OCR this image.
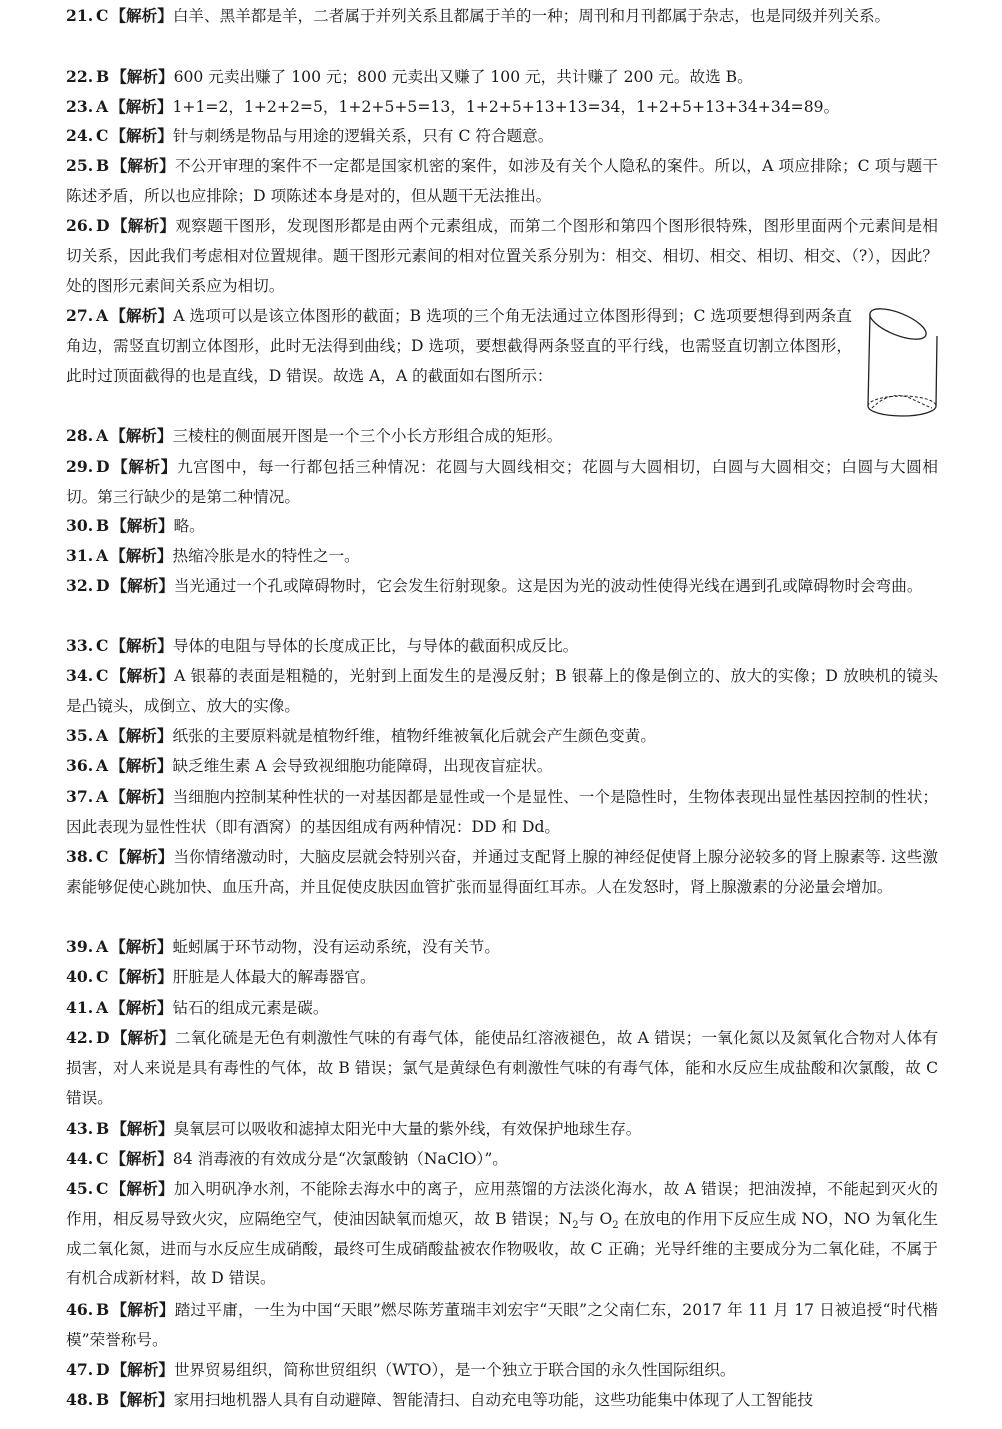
21. C 【解析】白羊、黑羊都是羊，二者属于并列关系且都属于羊的一种；周刊和月刊都属于杂志，也是同级并列关系。
22. B 【解析】600 元卖出赚了 100 元；800 元卖出又赚了 100 元，共计赚了 200 元。故选 B。
23. A 【解析】1+1=2，1+2+2=5，1+2+5+5=13，1+2+5+13+13=34，1+2+5+13+34+34=89。
24. C 【解析】针与刺绣是物品与用途的逻辑关系，只有 C 符合题意。
25. B 【解析】不公开审理的案件不一定都是国家机密的案件，如涉及有关个人隐私的案件。所以，A 项应排除；C 项与题干陈述矛盾，所以也应排除；D 项陈述本身是对的，但从题干无法推出。
26. D 【解析】观察题干图形，发现图形都是由两个元素组成，而第二个图形和第四个图形很特殊，图形里面两个元素间是相切关系，因此我们考虑相对位置规律。题干图形元素间的相对位置关系分别为：相交、相切、相交、相切、相交、（?），因此？处的图形元素间关系应为相切。
27. A 【解析】A 选项可以是该立体图形的截面；B 选项的三个角无法通过立体图形得到；C 选项要想得到两条直角边，需竖直切割立体图形，此时无法得到曲线；D 选项，要想截得两条竖直的平行线，也需竖直切割立体图形，此时过顶面截得的也是直线，D 错误。故选 A，A 的截面如右图所示：
28. A 【解析】三棱柱的侧面展开图是一个三个小长方形组合成的矩形。
29. D 【解析】九宫图中，每一行都包括三种情况：花圆与大圆线相交；花圆与大圆相切，白圆与大圆相交；白圆与大圆相切。第三行缺少的是第二种情况。
30. B 【解析】略。
31. A 【解析】热缩冷胀是水的特性之一。
32. D 【解析】当光通过一个孔或障碍物时，它会发生衍射现象。这是因为光的波动性使得光线在遇到孔或障碍物时会弯曲。
33. C 【解析】导体的电阻与导体的长度成正比，与导体的截面积成反比。
34. C 【解析】A 银幕的表面是粗糙的，光射到上面发生的是漫反射；B 银幕上的像是倒立的、放大的实像；D 放映机的镜头是凸镜头，成倒立、放大的实像。
35. A 【解析】纸张的主要原料就是植物纤维，植物纤维被氧化后就会产生颜色变黄。
36. A 【解析】缺乏维生素 A 会导致视细胞功能障碍，出现夜盲症状。
37. A 【解析】当细胞内控制某种性状的一对基因都是显性或一个是显性、一个是隐性时，生物体表现出显性基因控制的性状；因此表现为显性性状（即有酒窝）的基因组成有两种情况：DD 和 Dd。
38. C 【解析】当你情绪激动时，大脑皮层就会特别兴奋，并通过支配肾上腺的神经促使肾上腺分泌较多的肾上腺素等. 这些激素能够促使心跳加快、血压升高，并且促使皮肤因血管扩张而显得面红耳赤。人在发怒时，肾上腺激素的分泌量会增加。
39. A 【解析】蚯蚓属于环节动物，没有运动系统，没有关节。
40. C 【解析】肝脏是人体最大的解毒器官。
41. A 【解析】钻石的组成元素是碳。
42. D 【解析】二氧化硫是无色有刺激性气味的有毒气体，能使品红溶液褪色，故 A 错误；一氧化氮以及氮氧化合物对人体有损害，对人来说是具有毒性的气体，故 B 错误；氯气是黄绿色有刺激性气味的有毒气体，能和水反应生成盐酸和次氯酸，故 C 错误。
43. B 【解析】臭氧层可以吸收和滤掉太阳光中大量的紫外线，有效保护地球生存。
44. C 【解析】84 消毒液的有效成分是“次氯酸钠（NaClO）”。
45. C 【解析】加入明矾净水剂，不能除去海水中的离子，应用蒸馏的方法淡化海水，故 A 错误；把油泼掉，不能起到灭火的作用，相反易导致火灾，应隔绝空气，使油因缺氧而熄灭，故 B 错误；$N_2$与 $O_2$ 在放电的作用下反应生成 NO，NO 为氧化生成二氧化氮，进而与水反应生成硝酸，最终可生成硝酸盐被农作物吸收，故 C 正确；光导纤维的主要成分为二氧化硅，不属于有机合成新材料，故 D 错误。
46. B 【解析】踏过平庸，一生为中国“天眼”燃尽陈芳董瑞丰刘宏宇“天眼”之父南仁东，2017 年 11 月 17 日被追授“时代楷模”荣誉称号。
47. D 【解析】世界贸易组织，简称世贸组织（WTO），是一个独立于联合国的永久性国际组织。
48. B 【解析】家用扫地机器人具有自动避障、智能清扫、自动充电等功能，这些功能集中体现了人工智能技
